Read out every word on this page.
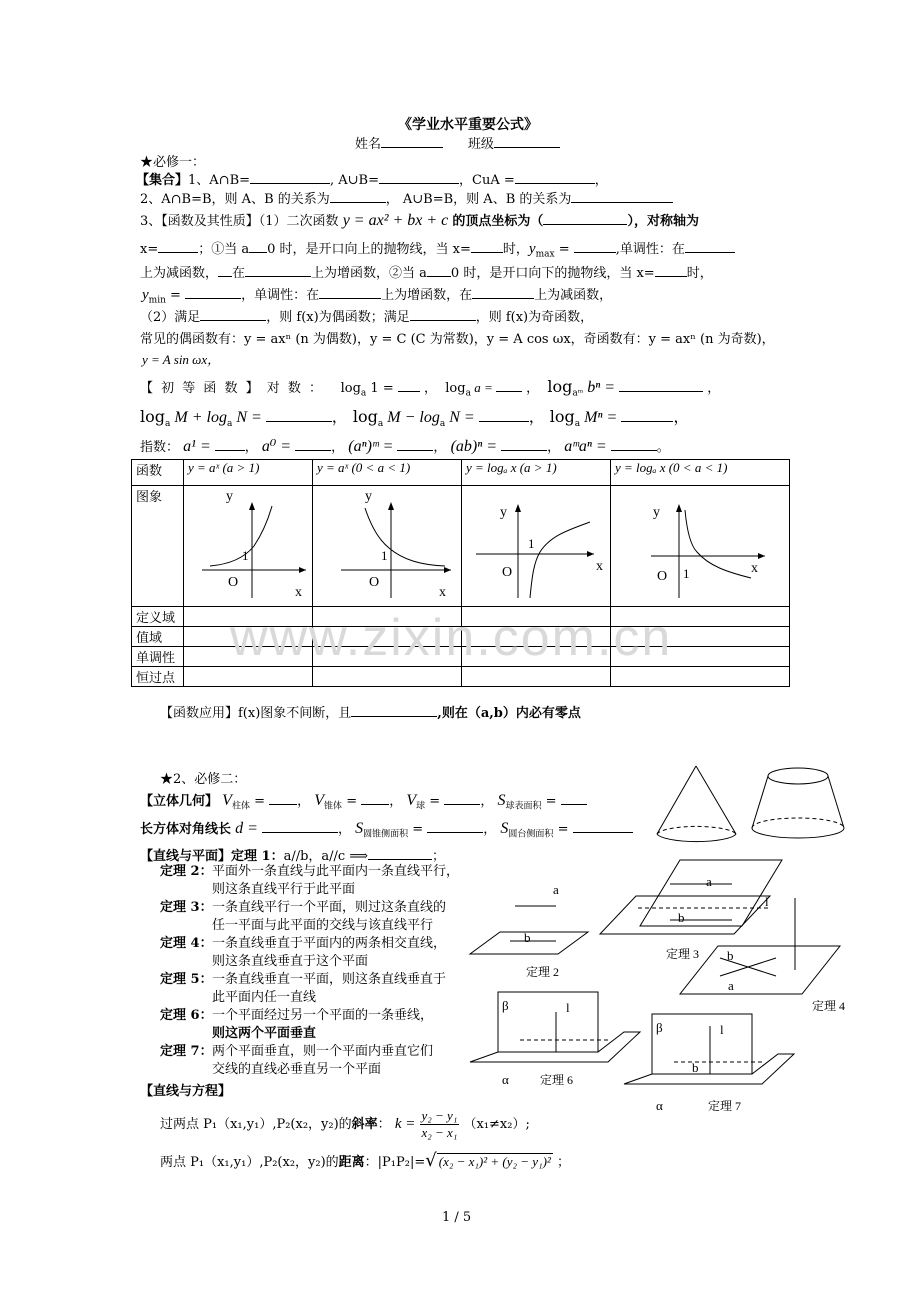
《学业水平重要公式》
姓名	班级
★必修一：
【集合】1、A∩B=	, A∪B=	，CuA =	，
2、A∩B=B，则 A、B 的关系为	， A∪B=B，则 A、B 的关系为
3、【函数及其性质】（1）二次函数 y = ax² + bx + c 的顶点坐标为（	），对称轴为
x=	；①当 a 0 时，是开口向上的抛物线，当 x= 时，$y_{max}$ =	,单调性：在
上为减函数， 在	上为增函数，②当 a 0 时，是开口向下的抛物线，当 x= 时，
$y_{min}$ =	，单调性：在	上为增函数，在	上为减函数，
（2）满足	，则 f(x)为偶函数；满足	，则 f(x)为奇函数，
常见的偶函数有：y = axⁿ (n 为偶数)，y = C (C 为常数)，y = A cos ωx，奇函数有：y = axⁿ (n 为奇数)，
y = A sin ωx，
【 初 等 函 数 】 对 数 ： $\log_a 1$ =  ，  $\log_a a$ =  ，  $\log_{aᵐ} b^n$ =	，
$\log_a M + \log_a N$ =	， $\log_a M - \log_a N$ =	， $\log_a M^n$ =	，
指数： a¹ = ， a⁰ =	， (aⁿ)ᵐ =	， (ab)ⁿ =	， aᵐaⁿ =	。
函数	y = aˣ (a > 1)	y = aˣ (0 < a < 1)	y = logₐ x (a > 1)	y = logₐ x (0 < a < 1)
图象	y
x
O
1	y
x
O
1	y
x
O
1	y
x
O 1

定义域				
值域				
单调性				
恒过点				
www.zixin.com.cn
【函数应用】f(x)图象不间断，且	,则在（a,b）内必有零点
★2、必修二：
【立体几何】 $V_{柱体}$ = ， $V_{锥体}$ = ， $V_球$ =	， $S_{球表面积}$ =
长方体对角线长 d =	， $S_{圆锥侧面积}$ =	， $S_{圆台侧面积}$ =
【直线与平面】定理 1：a//b，a//c ⟹	；
定理 2： 平面外一条直线与此平面内一条直线平行，
则这条直线平行于此平面
定理 3： 一条直线平行一个平面，则过这条直线的
任一平面与此平面的交线与该直线平行
定理 4： 一条直线垂直于平面内的两条相交直线，
则这条直线垂直于这个平面
定理 5： 一条直线垂直一平面，则这条直线垂直于
此平面内任一直线
定理 6： 一个平面经过另一个平面的一条垂线，
则这两个平面垂直
定理 7： 两个平面垂直，则一个平面内垂直它们
交线的直线必垂直另一个平面
a
b
定理 2
a
b
定理 3
l
b
a
定理 4
β	l
α	定理 6
β	l
b
α	定理 7
【直线与方程】
过两点 P₁（x₁,y₁）,P₂(x₂，y₂)的斜率： $k = \frac{\text{y₂ − y₁}}{\text{x₂ − x₁}} (x_1\ne x_2)$;
两点 P₁（x₁,y₁）,P₂(x₂，y₂)的距离：|P₁P₂|=√ (x₂ − x₁)² + (y₂ − y₁)² ；
1 / 5
